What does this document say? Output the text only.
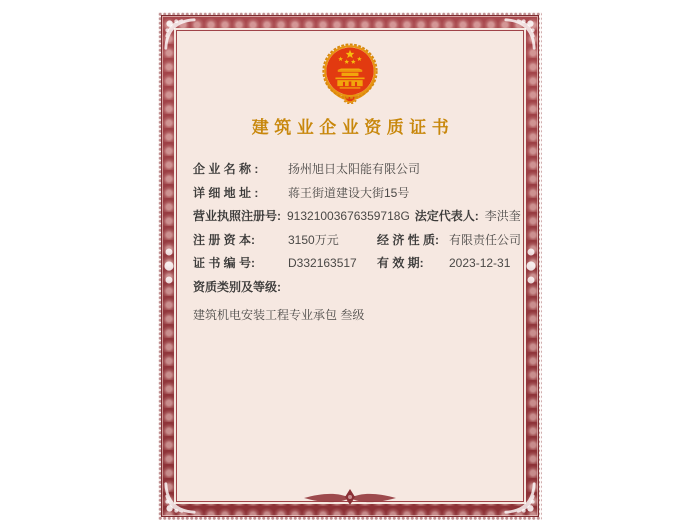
建筑业企业资质证书
企 业 名 称 : 扬州旭日太阳能有限公司
详 细 地 址 : 蒋王街道建设大街15号
营业执照注册号: 91321003676359718G 法定代表人: 李洪奎
注 册 资 本:	3150万元	经 济 性 质: 有限责任公司
证 书 编 号:	D332163517 有 效 期: 2023-12-31
资质类别及等级:
建筑机电安装工程专业承包 叁级
